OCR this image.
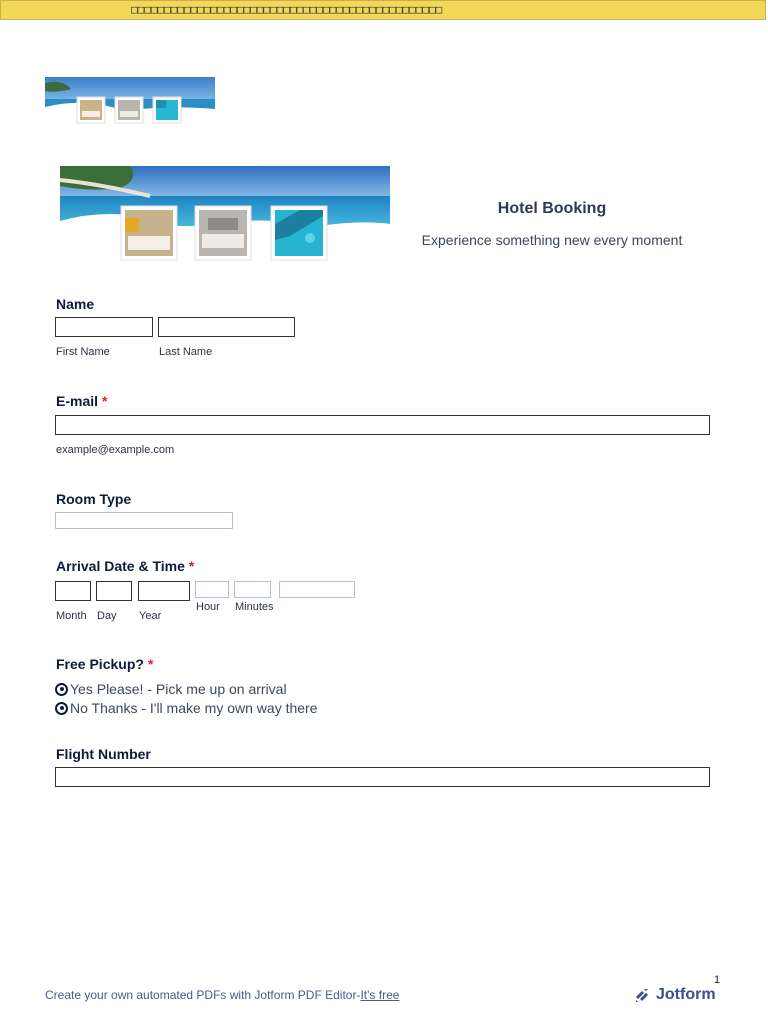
□□□□□□□□□□□□□□□□□□□□□□□□□□□□□□□□□□□□□□□□□□□□□□□
Hotel Booking
Experience something new every moment
Name
First Name	Last Name
E-mail *
example@example.com
Room Type
Arrival Date & Time *
Month Day Year
Hour Minutes
Free Pickup? *
Yes Please! - Pick me up on arrival
No Thanks - I'll make my own way there
Flight Number
1
Create your own automated PDFs with Jotform PDF Editor-It's free	Jotform
